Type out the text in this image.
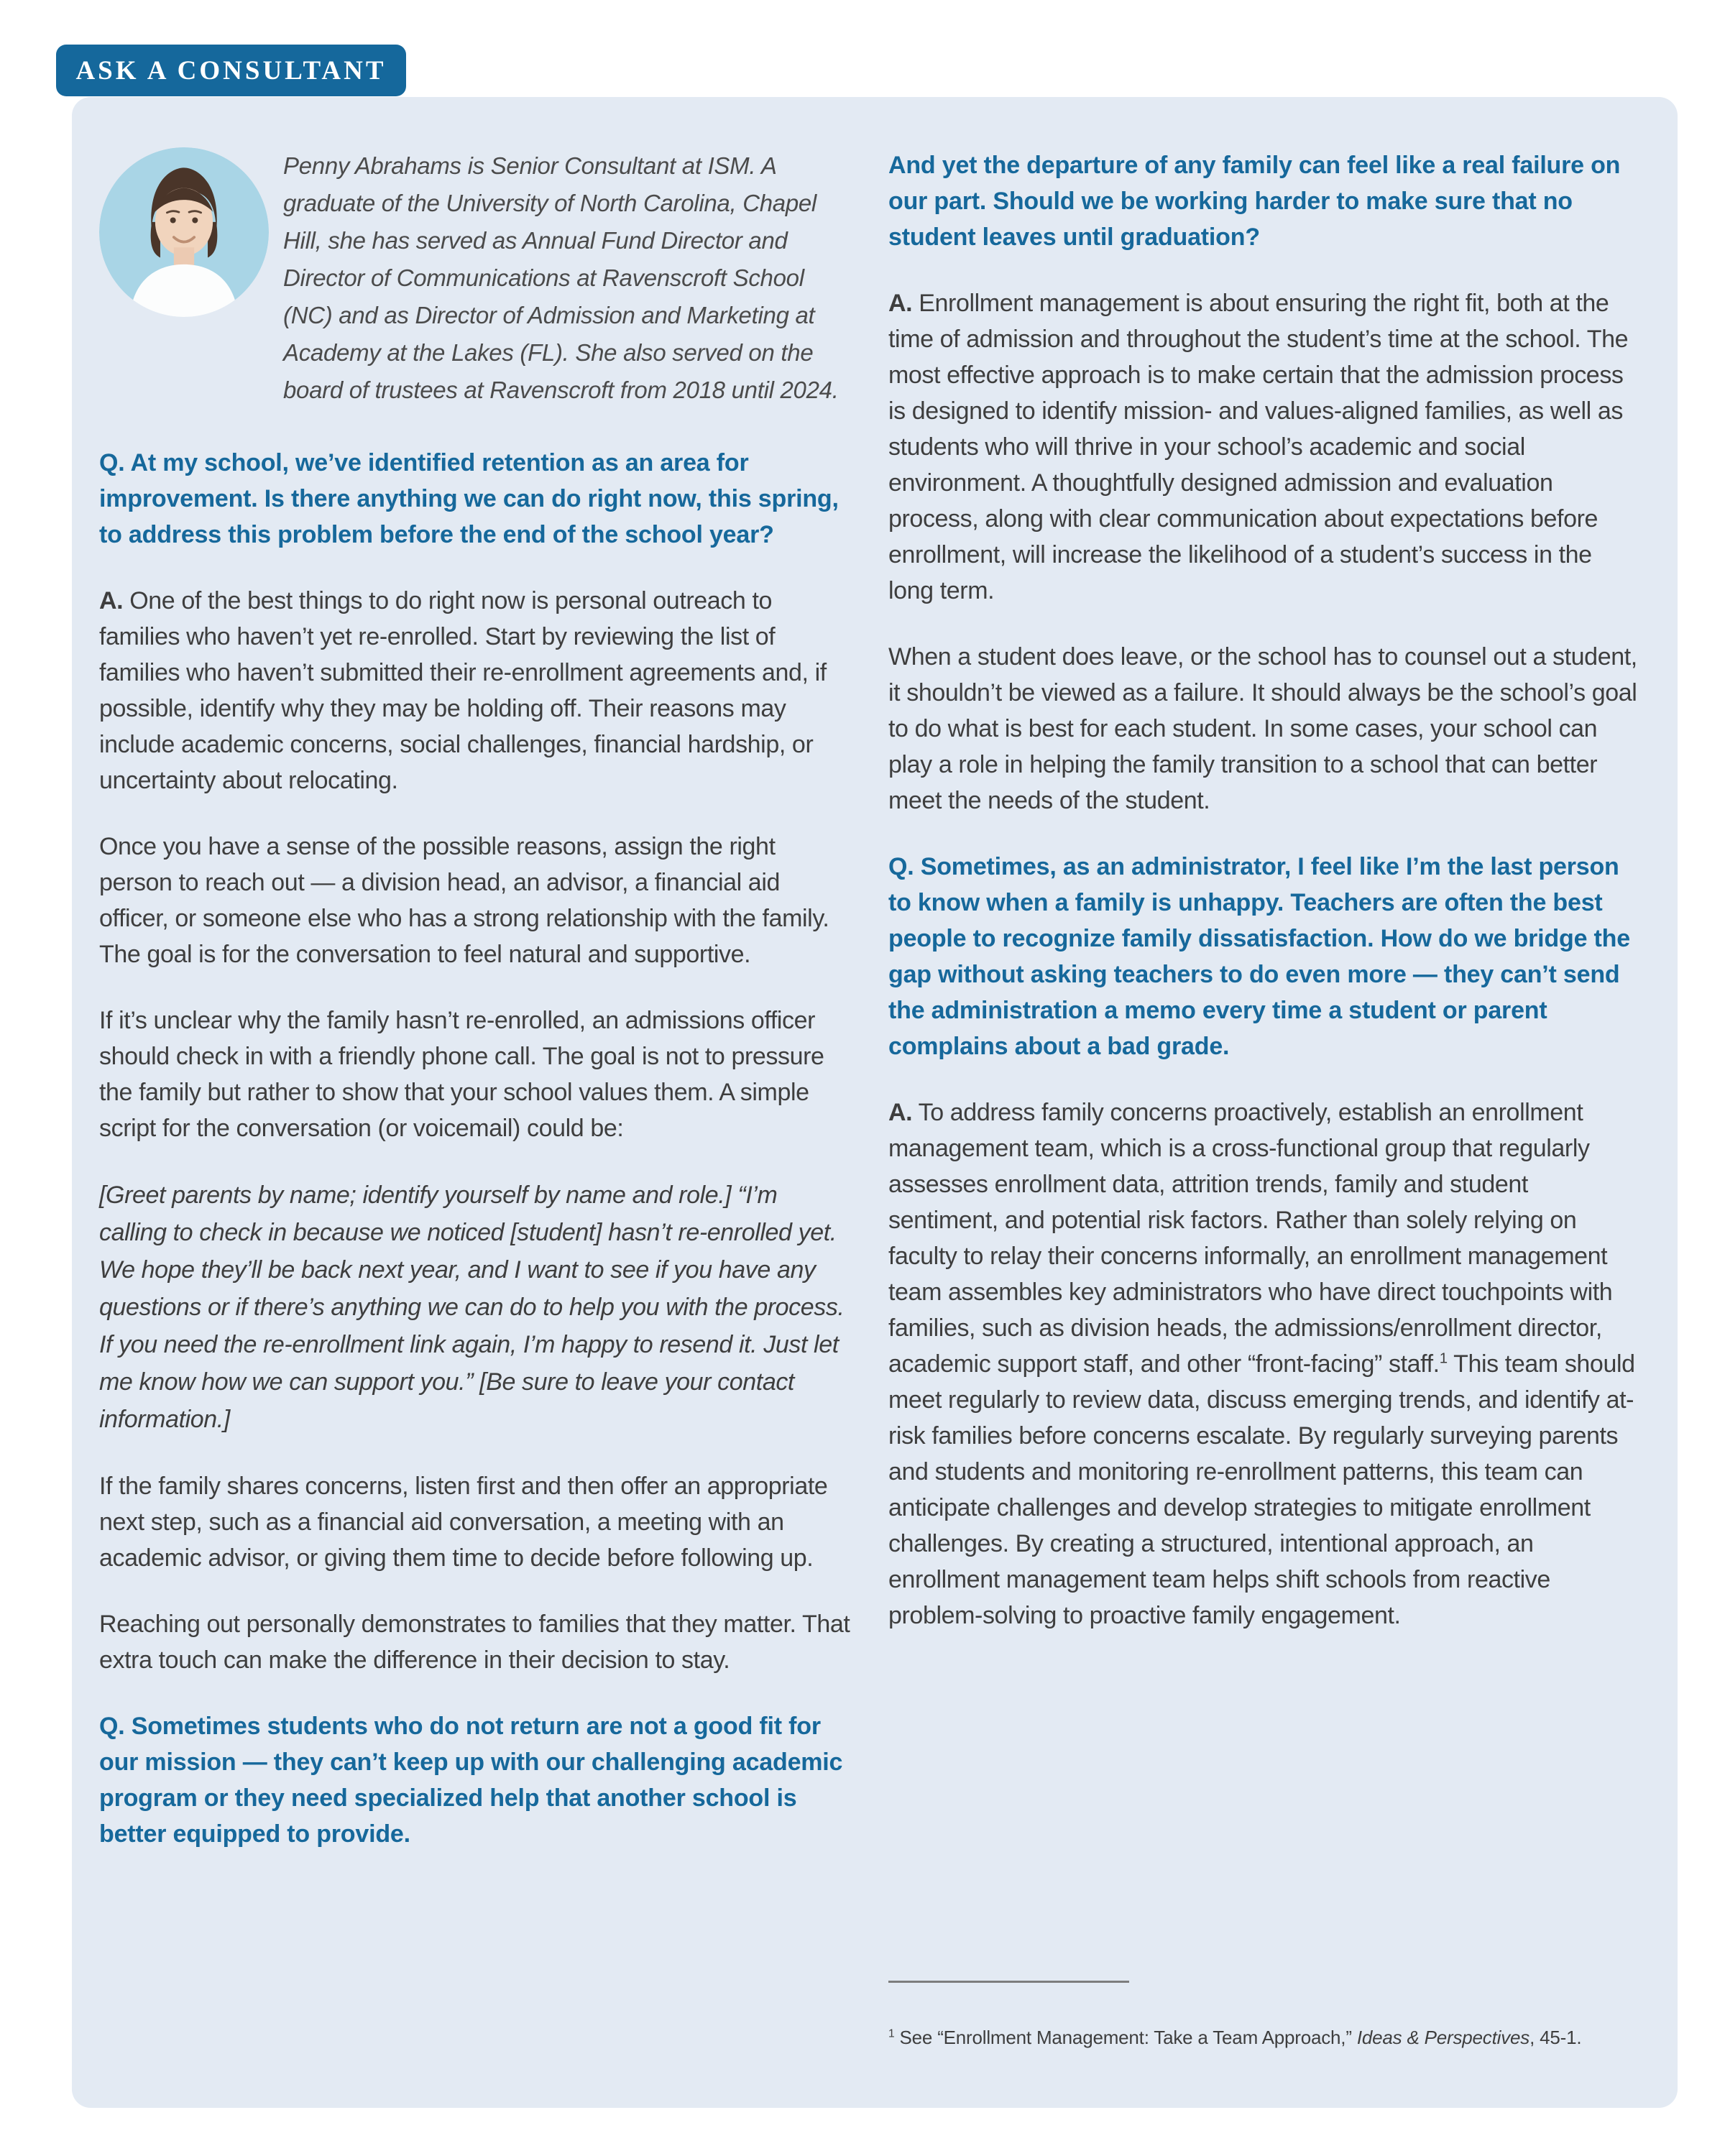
ASK A CONSULTANT
Penny Abrahams is Senior Consultant at ISM. A graduate of the University of North Carolina, Chapel Hill, she has served as Annual Fund Director and Director of Communications at Ravenscroft School (NC) and as Director of Admission and Marketing at Academy at the Lakes (FL). She also served on the board of trustees at Ravenscroft from 2018 until 2024.

Q. At my school, we’ve identified retention as an area for improvement. Is there anything we can do right now, this spring, to address this problem before the end of the school year?

A. One of the best things to do right now is personal outreach to families who haven’t yet re-enrolled. Start by reviewing the list of families who haven’t submitted their re-enrollment agreements and, if possible, identify why they may be holding off. Their reasons may include academic concerns, social challenges, financial hardship, or uncertainty about relocating.

Once you have a sense of the possible reasons, assign the right person to reach out — a division head, an advisor, a financial aid officer, or someone else who has a strong relationship with the family. The goal is for the conversation to feel natural and supportive.

If it’s unclear why the family hasn’t re-enrolled, an admissions officer should check in with a friendly phone call. The goal is not to pressure the family but rather to show that your school values them. A simple script for the conversation (or voicemail) could be:

[Greet parents by name; identify yourself by name and role.] “I’m calling to check in because we noticed [student] hasn’t re-enrolled yet. We hope they’ll be back next year, and I want to see if you have any questions or if there’s anything we can do to help you with the process. If you need the re-enrollment link again, I’m happy to resend it. Just let me know how we can support you.” [Be sure to leave your contact information.]

If the family shares concerns, listen first and then offer an appropriate next step, such as a financial aid conversation, a meeting with an academic advisor, or giving them time to decide before following up.

Reaching out personally demonstrates to families that they matter. That extra touch can make the difference in their decision to stay.

Q. Sometimes students who do not return are not a good fit for our mission — they can’t keep up with our challenging academic program or they need specialized help that another school is better equipped to provide.

And yet the departure of any family can feel like a real failure on our part. Should we be working harder to make sure that no student leaves until graduation?

A. Enrollment management is about ensuring the right fit, both at the time of admission and throughout the student’s time at the school. The most effective approach is to make certain that the admission process is designed to identify mission- and values-aligned families, as well as students who will thrive in your school’s academic and social environment. A thoughtfully designed admission and evaluation process, along with clear communication about expectations before enrollment, will increase the likelihood of a student’s success in the long term.

When a student does leave, or the school has to counsel out a student, it shouldn’t be viewed as a failure. It should always be the school’s goal to do what is best for each student. In some cases, your school can play a role in helping the family transition to a school that can better meet the needs of the student.

Q. Sometimes, as an administrator, I feel like I’m the last person to know when a family is unhappy. Teachers are often the best people to recognize family dissatisfaction. How do we bridge the gap without asking teachers to do even more — they can’t send the administration a memo every time a student or parent complains about a bad grade.

A. To address family concerns proactively, establish an enrollment management team, which is a cross-functional group that regularly assesses enrollment data, attrition trends, family and student sentiment, and potential risk factors. Rather than solely relying on faculty to relay their concerns informally, an enrollment management team assembles key administrators who have direct touchpoints with families, such as division heads, the admissions/enrollment director, academic support staff, and other “front-facing” staff.$^1$ This team should meet regularly to review data, discuss emerging trends, and identify at-risk families before concerns escalate. By regularly surveying parents and students and monitoring re-enrollment patterns, this team can anticipate challenges and develop strategies to mitigate enrollment challenges. By creating a structured, intentional approach, an enrollment management team helps shift schools from reactive problem-solving to proactive family engagement.

$^1$ See “Enrollment Management: Take a Team Approach,” Ideas & Perspectives, 45-1.
